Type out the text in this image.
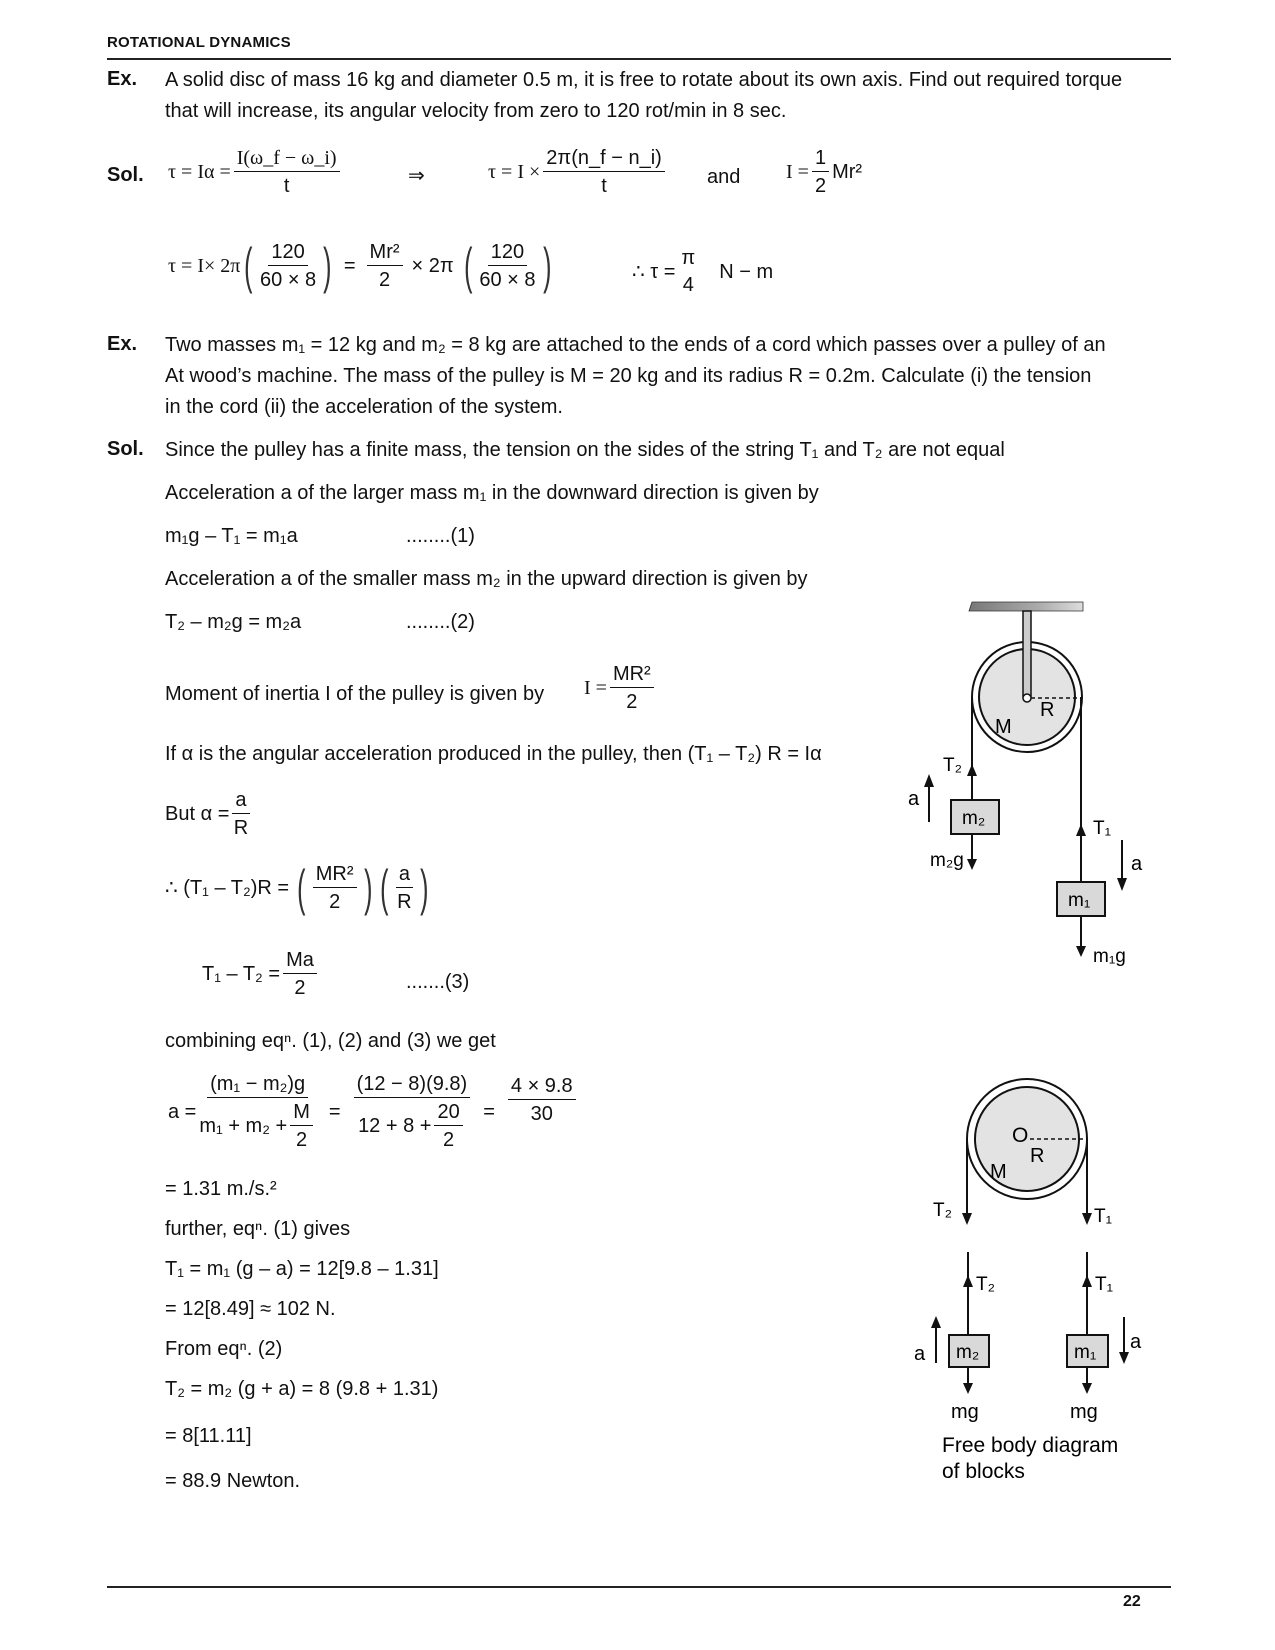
ROTATIONAL DYNAMICS
Ex. A solid disc of mass 16 kg and diameter 0.5 m, it is free to rotate about its own axis. Find out required torque
that will increase, its angular velocity from zero to 120 rot/min in 8 sec.
Sol. $\tau = I\alpha = \frac{I(\omega\_f - \omega\_i)}{t}$	⇒	$\tau = I \times \frac{2\pi(n\_f - n\_i)}{t}$ and $I = \frac{1}{2} Mr^2$
τ = I× 2π ( $\frac{120}{60 \times 8}$ ) = $\frac{\text{Mr²}}{2} \times 2\pi$ ( $\frac{120}{60 \times 8}$ )	∴ τ =
π
4
N − m
Ex. Two masses m₁ = 12 kg and m₂ = 8 kg are attached to the ends of a cord which passes over a pulley of an
At wood’s machine. The mass of the pulley is M = 20 kg and its radius R = 0.2m. Calculate (i) the tension
in the cord (ii) the acceleration of the system.
Sol. Since the pulley has a finite mass, the tension on the sides of the string T₁ and T₂ are not equal
Acceleration a of the larger mass m₁ in the downward direction is given by
m₁g – T₁ = m₁a	........(1)
Acceleration a of the smaller mass m₂ in the upward direction is given by
T₂ – m₂g = m₂a	........(2)
Moment of inertia I of the pulley is given by $I = \frac{\text{MR²}}{2}$
If α is the angular acceleration produced in the pulley, then (T₁ – T₂) R = Iα
But $\alpha = \frac{a}{R}$
∴ (T₁ – T₂)R = ( $\frac{\text{MR²}}{2}$ ) ( $\frac{a}{R}$ )
$T_1 - T_2 = \frac{Ma}{2}$	.......(3)
combining eqⁿ. (1), (2) and (3) we get
$a = \frac{\text{(m₁ − m₂)g}}{m_1 + m_2 + \frac{M}{2}} = \frac{(12 - 8)(9.8)}{12 + 8 + \frac{20}{2}} = \frac{4 \times 9.8}{30}$
= 1.31 m./s.²
further, eqⁿ. (1) gives
T₁ = m₁ (g – a) = 12[9.8 – 1.31]
= 12[8.49] ≈ 102 N.
From eqⁿ. (2)
T₂ = m₂ (g + a) = 8 (9.8 + 1.31)
= 8[11.11]
= 88.9 Newton.
R
M
T₂
a
m₂
m₂g
T₁
a
m₁
m₁g
O
R
M
T₂	T₁
T₂
a m₂
mg
T₁
m₁ a
mg
Free body diagram
of blocks
22
